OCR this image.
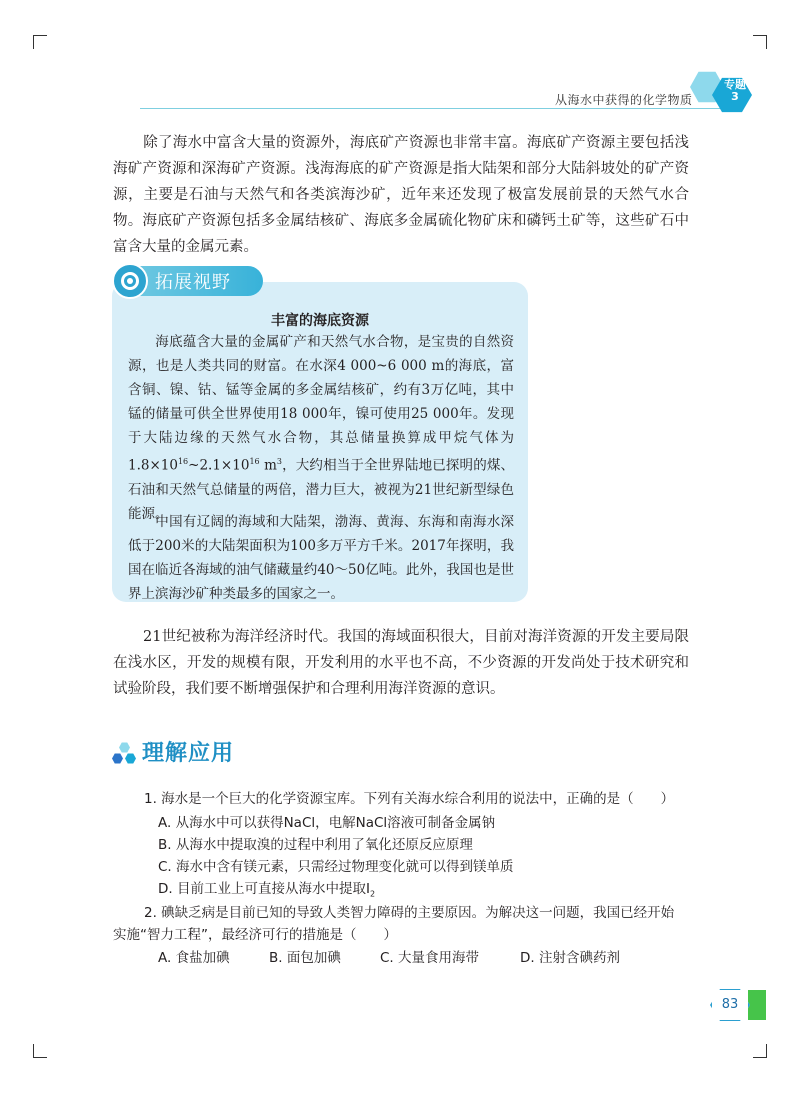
从海水中获得的化学物质
专题 3

除了海水中富含大量的资源外，海底矿产资源也非常丰富。海底矿产资源主要包括浅海矿产资源和深海矿产资源。浅海海底的矿产资源是指大陆架和部分大陆斜坡处的矿产资源，主要是石油与天然气和各类滨海沙矿，近年来还发现了极富发展前景的天然气水合物。海底矿产资源包括多金属结核矿、海底多金属硫化物矿床和磷钙土矿等，这些矿石中富含大量的金属元素。

拓展视野
丰富的海底资源

海底蕴含大量的金属矿产和天然气水合物，是宝贵的自然资源，也是人类共同的财富。在水深4 000~6 000 m的海底，富含铜、镍、钴、锰等金属的多金属结核矿，约有3万亿吨，其中锰的储量可供全世界使用18 000年，镍可使用25 000年。发现于大陆边缘的天然气水合物，其总储量换算成甲烷气体为$1.8\times 10^{16}\sim 2.1\times 10^{16}$ $m^3$，大约相当于全世界陆地已探明的煤、石油和天然气总储量的两倍，潜力巨大，被视为21世纪新型绿色能源。

中国有辽阔的海域和大陆架，渤海、黄海、东海和南海水深低于200米的大陆架面积为100多万平方千米。2017年探明，我国在临近各海域的油气储藏量约40～50亿吨。此外，我国也是世界上滨海沙矿种类最多的国家之一。

21世纪被称为海洋经济时代。我国的海域面积很大，目前对海洋资源的开发主要局限在浅水区，开发的规模有限，开发利用的水平也不高，不少资源的开发尚处于技术研究和试验阶段，我们要不断增强保护和合理利用海洋资源的意识。

理解应用

1. 海水是一个巨大的化学资源宝库。下列有关海水综合利用的说法中，正确的是（　　）

A. 从海水中可以获得NaCl，电解NaCl溶液可制备金属钠

B. 从海水中提取溴的过程中利用了氧化还原反应原理

C. 海水中含有镁元素，只需经过物理变化就可以得到镁单质

D. 目前工业上可直接从海水中提取$I_2$

2. 碘缺乏病是目前已知的导致人类智力障碍的主要原因。为解决这一问题，我国已经开始

实施“智力工程”，最经济可行的措施是（　　）

A. 食盐加碘	B. 面包加碘	C. 大量食用海带	D. 注射含碘药剂
83
